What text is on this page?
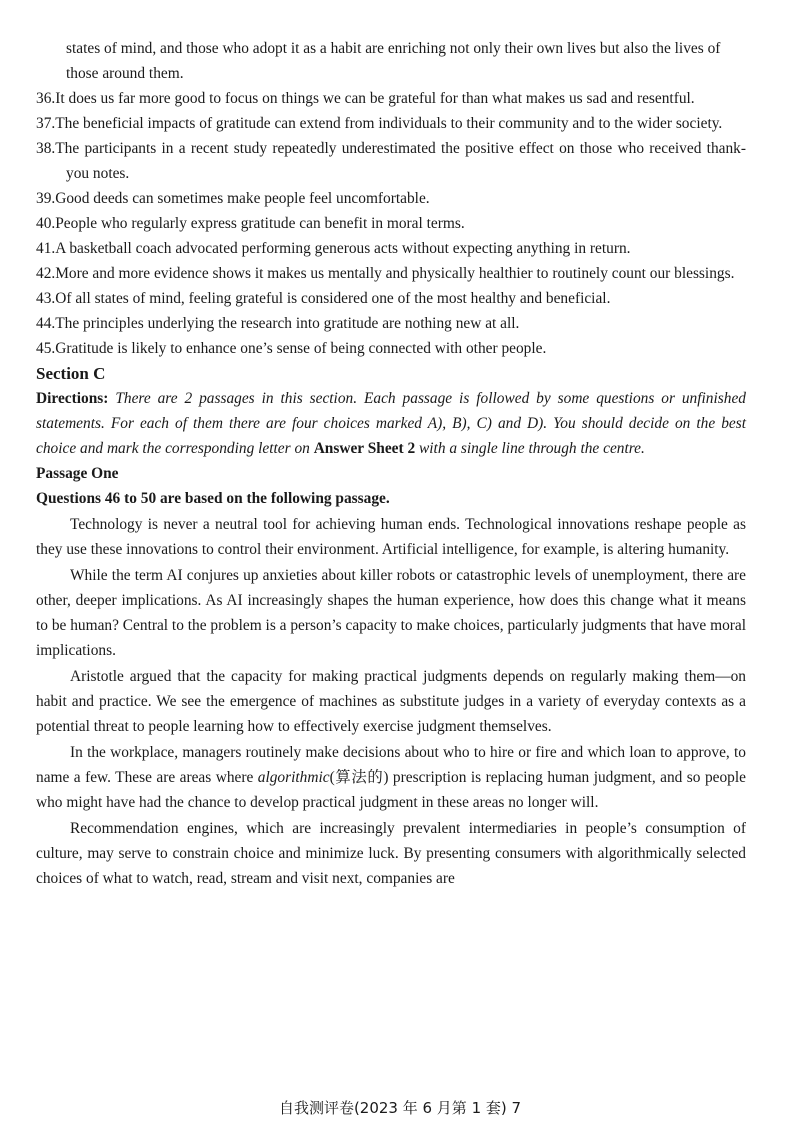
states of mind, and those who adopt it as a habit are enriching not only their own lives but also the lives of those around them.
36.It does us far more good to focus on things we can be grateful for than what makes us sad and resentful.
37.The beneficial impacts of gratitude can extend from individuals to their community and to the wider society.
38.The participants in a recent study repeatedly underestimated the positive effect on those who received thank-you notes.
39.Good deeds can sometimes make people feel uncomfortable.
40.People who regularly express gratitude can benefit in moral terms.
41.A basketball coach advocated performing generous acts without expecting anything in return.
42.More and more evidence shows it makes us mentally and physically healthier to routinely count our blessings.
43.Of all states of mind, feeling grateful is considered one of the most healthy and beneficial.
44.The principles underlying the research into gratitude are nothing new at all.
45.Gratitude is likely to enhance one’s sense of being connected with other people.
Section C
Directions: There are 2 passages in this section. Each passage is followed by some questions or unfinished statements. For each of them there are four choices marked A), B), C) and D). You should decide on the best choice and mark the corresponding letter on Answer Sheet 2 with a single line through the centre.
Passage One
Questions 46 to 50 are based on the following passage.
Technology is never a neutral tool for achieving human ends. Technological innovations reshape people as they use these innovations to control their environment. Artificial intelligence, for example, is altering humanity.
While the term AI conjures up anxieties about killer robots or catastrophic levels of unemployment, there are other, deeper implications. As AI increasingly shapes the human experience, how does this change what it means to be human? Central to the problem is a person’s capacity to make choices, particularly judgments that have moral implications.
Aristotle argued that the capacity for making practical judgments depends on regularly making them—on habit and practice. We see the emergence of machines as substitute judges in a variety of everyday contexts as a potential threat to people learning how to effectively exercise judgment themselves.
In the workplace, managers routinely make decisions about who to hire or fire and which loan to approve, to name a few. These are areas where algorithmic(算法的) prescription is replacing human judgment, and so people who might have had the chance to develop practical judgment in these areas no longer will.
Recommendation engines, which are increasingly prevalent intermediaries in people’s consumption of culture, may serve to constrain choice and minimize luck. By presenting consumers with algorithmically selected choices of what to watch, read, stream and visit next, companies are
自我测评卷(2023 年 6 月第 1 套) 7
